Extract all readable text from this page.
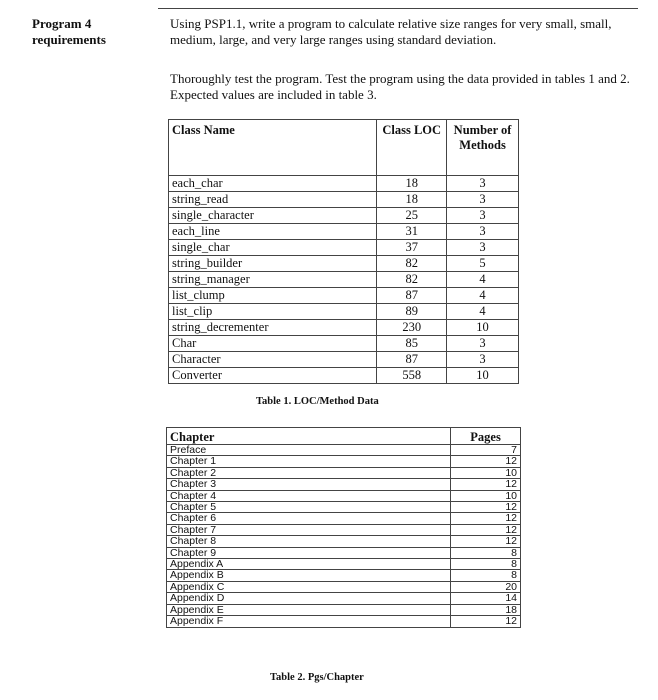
Program 4
requirements
Using PSP1.1, write a program to calculate relative size ranges for very small, small, medium, large, and very large ranges using standard deviation.
Thoroughly test the program. Test the program using the data provided in tables 1 and 2. Expected values are included in table 3.
Class Name	Class LOC	Number of Methods
each_char	18	3
string_read	18	3
single_character	25	3
each_line	31	3
single_char	37	3
string_builder	82	5
string_manager	82	4
list_clump	87	4
list_clip	89	4
string_decrementer	230	10
Char	85	3
Character	87	3
Converter	558	10
Table 1. LOC/Method Data
Chapter	Pages
Preface	7
Chapter 1	12
Chapter 2	10
Chapter 3	12
Chapter 4	10
Chapter 5	12
Chapter 6	12
Chapter 7	12
Chapter 8	12
Chapter 9	8
Appendix A	8
Appendix B	8
Appendix C	20
Appendix D	14
Appendix E	18
Appendix F	12
Table 2. Pgs/Chapter
